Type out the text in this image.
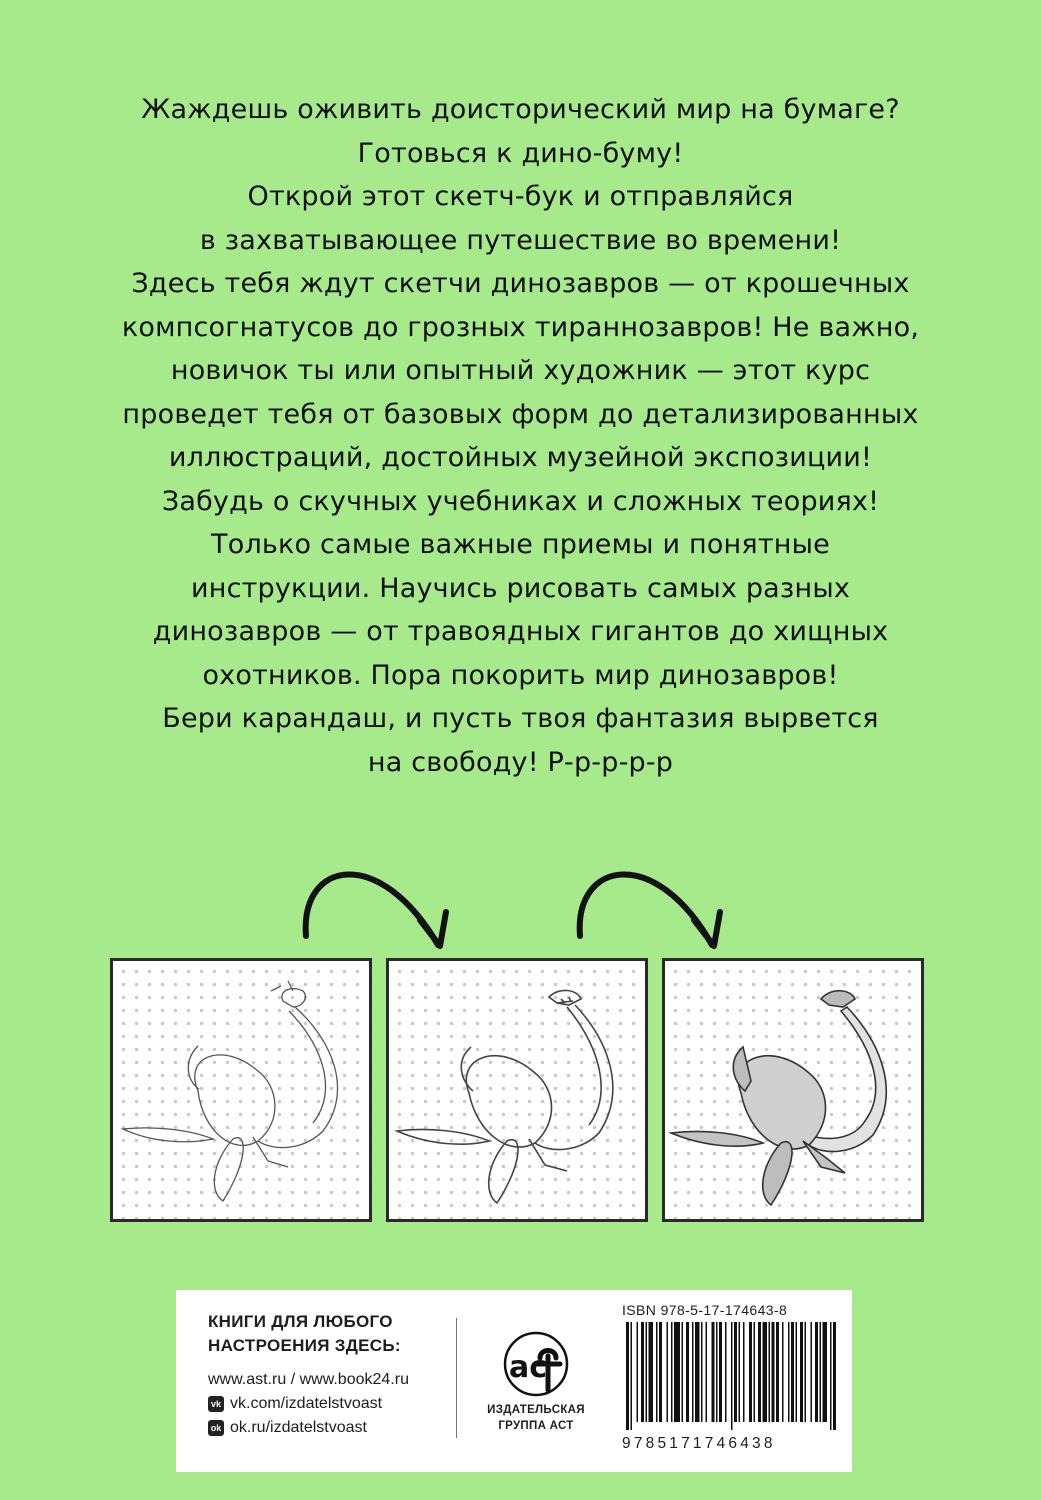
Жаждешь оживить доисторический мир на бумаге?
Готовься к дино-буму!
Открой этот скетч-бук и отправляйся
в захватывающее путешествие во времени!
Здесь тебя ждут скетчи динозавров — от крошечных
компсогнатусов до грозных тираннозавров! Не важно,
новичок ты или опытный художник — этот курс
проведет тебя от базовых форм до детализированных
иллюстраций, достойных музейной экспозиции!
Забудь о скучных учебниках и сложных теориях!
Только самые важные приемы и понятные
инструкции. Научись рисовать самых разных
динозавров — от травоядных гигантов до хищных
охотников. Пора покорить мир динозавров!
Бери карандаш, и пусть твоя фантазия вырвется
на свободу! Р-р-р-р-р
КНИГИ ДЛЯ ЛЮБОГО
НАСТРОЕНИЯ ЗДЕСЬ:
www.ast.ru / www.book24.ru
vk vk.com/izdatelstvoast
ok ok.ru/izdatelstvoast
ac
ИЗДАТЕЛЬСКАЯ
ГРУППА АСТ
ISBN 978-5-17-174643-8
9785171746438
